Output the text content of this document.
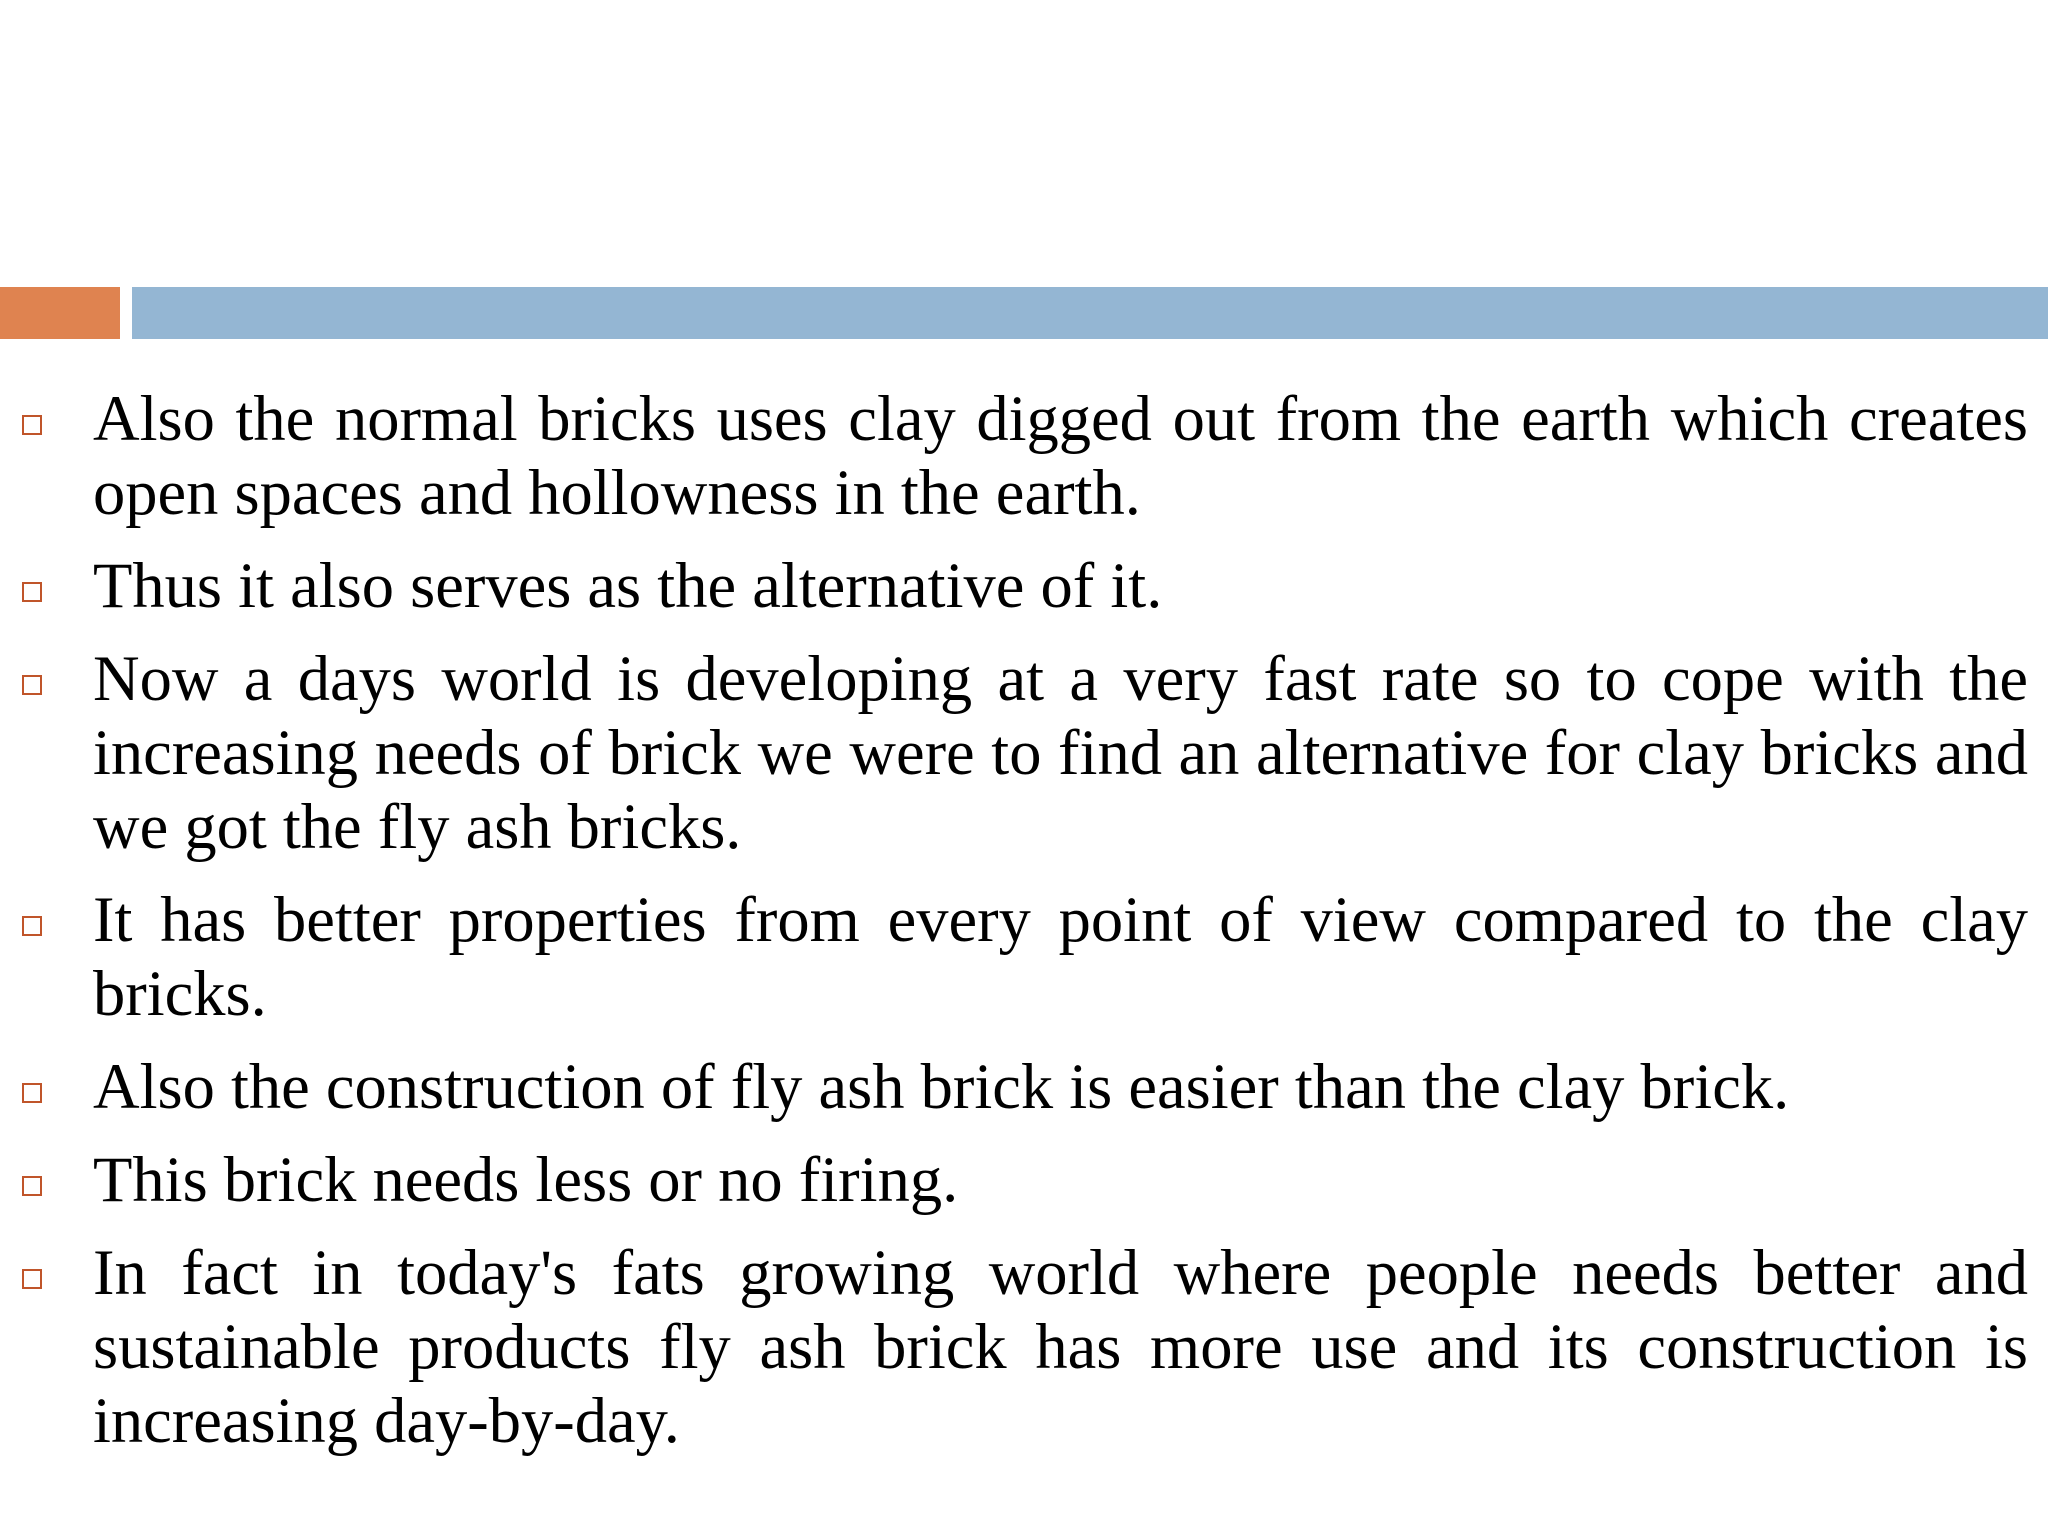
Also the normal bricks uses clay digged out from the earth which creates open spaces and hollowness in the earth.
Thus it also serves as the alternative of it.
Now a days world is developing at a very fast rate so to cope with the increasing needs of brick we were to find an alternative for clay bricks and we got the fly ash bricks.
It has better properties from every point of view compared to the clay bricks.
Also the construction of fly ash brick is easier than the clay brick.
This brick needs less or no firing.
In fact in today's fats growing world where people needs better and sustainable products fly ash brick has more use and its construction is increasing day-by-day.
